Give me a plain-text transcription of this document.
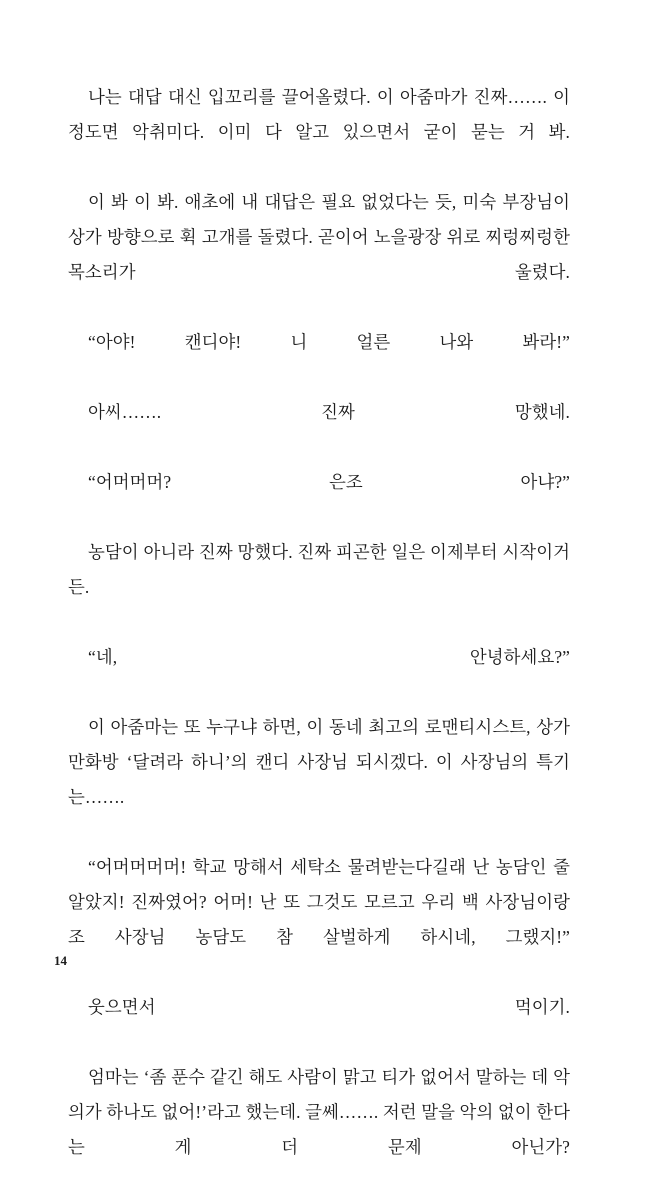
나는 대답 대신 입꼬리를 끌어올렸다. 이 아줌마가 진짜……. 이 정도면 악취미다. 이미 다 알고 있으면서 굳이 묻는 거 봐.

이 봐 이 봐. 애초에 내 대답은 필요 없었다는 듯, 미숙 부장님이 상가 방향으로 휙 고개를 돌렸다. 곧이어 노을광장 위로 찌렁찌렁한 목소리가 울렸다.

“아야! 캔디야! 니 얼른 나와 봐라!”

아씨……. 진짜 망했네.

“어머머머? 은조 아냐?”

농담이 아니라 진짜 망했다. 진짜 피곤한 일은 이제부터 시작이거든.

“네, 안녕하세요?”

이 아줌마는 또 누구냐 하면, 이 동네 최고의 로맨티시스트, 상가 만화방 ‘달려라 하니’의 캔디 사장님 되시겠다. 이 사장님의 특기는…….

“어머머머머! 학교 망해서 세탁소 물려받는다길래 난 농담인 줄 알았지! 진짜였어? 어머! 난 또 그것도 모르고 우리 백 사장님이랑 조 사장님 농담도 참 살벌하게 하시네, 그랬지!”

웃으면서 먹이기.

엄마는 ‘좀 푼수 같긴 해도 사람이 맑고 티가 없어서 말하는 데 악의가 하나도 없어!’라고 했는데. 글쎄……. 저런 말을 악의 없이 한다는 게 더 문제 아닌가?

14
